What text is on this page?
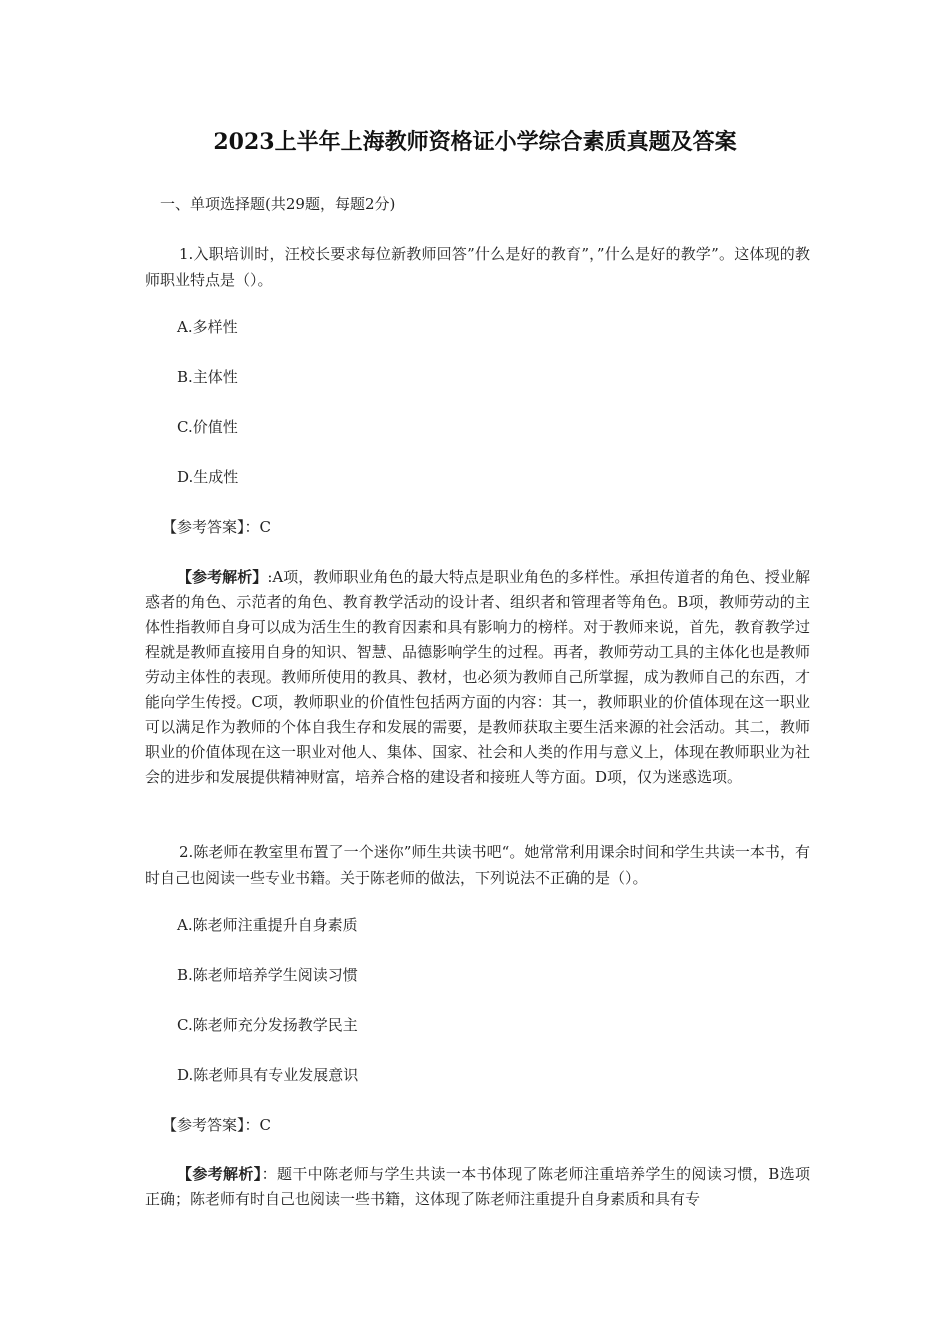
2023上半年上海教师资格证小学综合素质真题及答案
一、单项选择题(共29题，每题2分)
1.入职培训时，汪校长要求每位新教师回答”什么是好的教育”，”什么是好的教学”。这体现的教师职业特点是（）。
A.多样性
B.主体性
C.价值性
D.生成性
【参考答案】：C
【参考解析】:A项，教师职业角色的最大特点是职业角色的多样性。承担传道者的角色、授业解惑者的角色、示范者的角色、教育教学活动的设计者、组织者和管理者等角色。B项，教师劳动的主体性指教师自身可以成为活生生的教育因素和具有影响力的榜样。对于教师来说，首先，教育教学过程就是教师直接用自身的知识、智慧、品德影响学生的过程。再者，教师劳动工具的主体化也是教师劳动主体性的表现。教师所使用的教具、教材，也必须为教师自己所掌握，成为教师自己的东西，才能向学生传授。C项，教师职业的价值性包括两方面的内容：其一，教师职业的价值体现在这一职业可以满足作为教师的个体自我生存和发展的需要，是教师获取主要生活来源的社会活动。其二，教师职业的价值体现在这一职业对他人、集体、国家、社会和人类的作用与意义上，体现在教师职业为社会的进步和发展提供精神财富，培养合格的建设者和接班人等方面。D项，仅为迷惑选项。
2.陈老师在教室里布置了一个迷你”师生共读书吧“。她常常利用课余时间和学生共读一本书，有时自己也阅读一些专业书籍。关于陈老师的做法，下列说法不正确的是（）。
A.陈老师注重提升自身素质
B.陈老师培养学生阅读习惯
C.陈老师充分发扬教学民主
D.陈老师具有专业发展意识
【参考答案】：C
【参考解析】：题干中陈老师与学生共读一本书体现了陈老师注重培养学生的阅读习惯，B选项正确；陈老师有时自己也阅读一些书籍，这体现了陈老师注重提升自身素质和具有专
